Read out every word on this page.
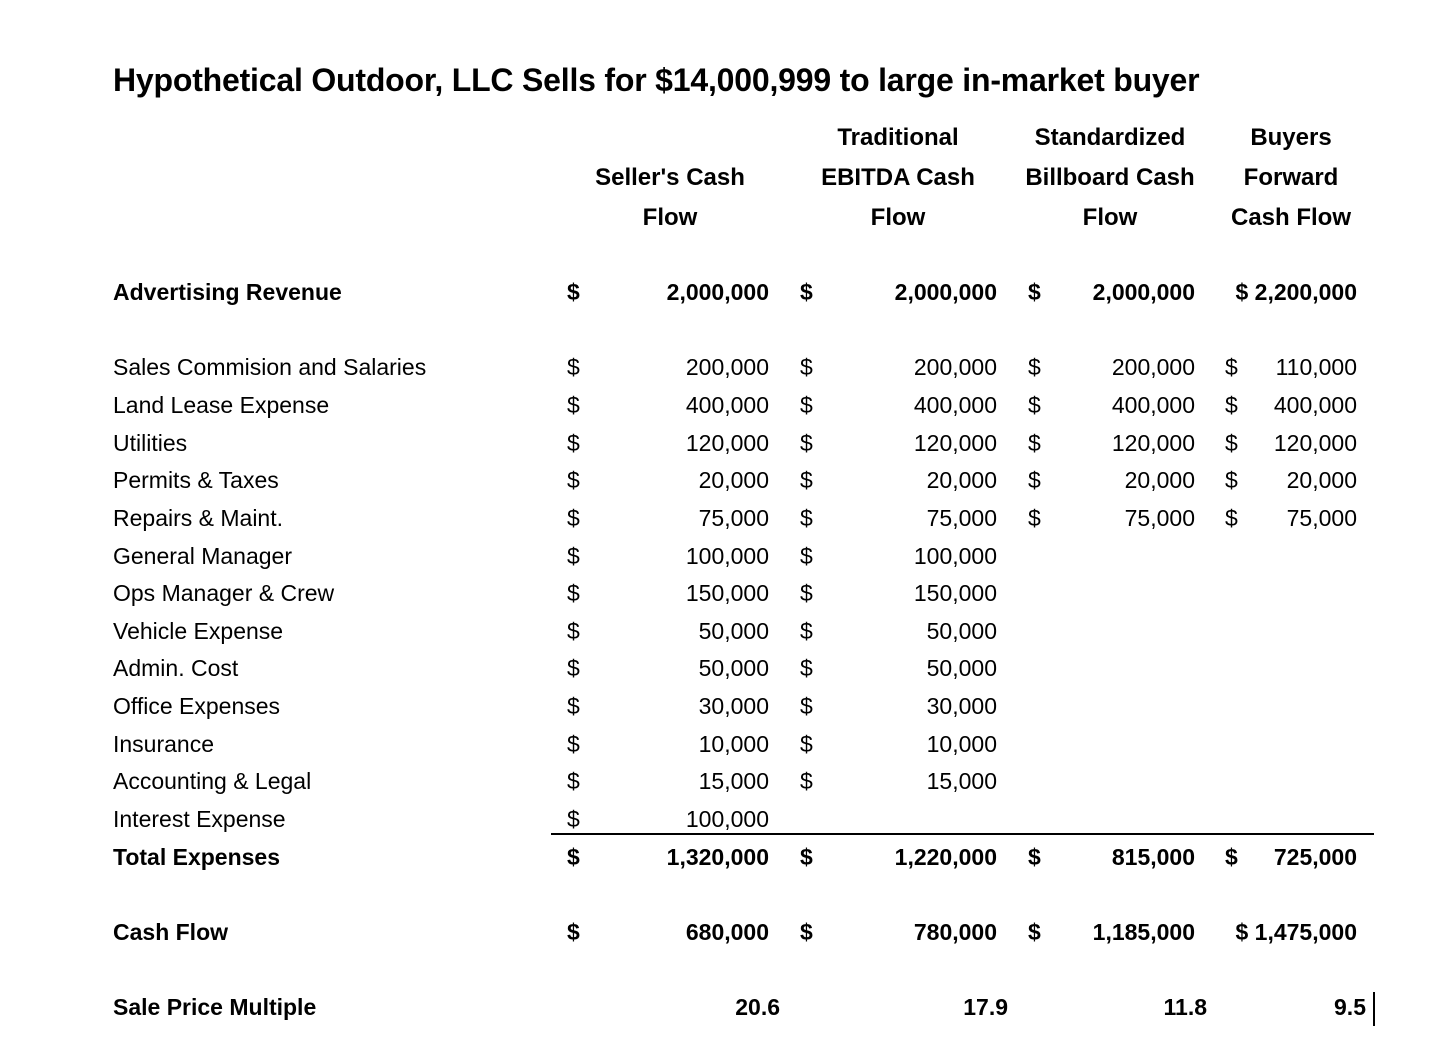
Hypothetical Outdoor, LLC Sells for $14,000,999 to large in-market buyer
Seller's Cash
Flow
Traditional
EBITDA Cash
Flow
Standardized
Billboard Cash
Flow
Buyers
Forward
Cash Flow
Advertising Revenue	$	2,000,000 $	2,000,000 $ 2,000,000 $ 2,200,000
Sales Commision and Salaries	$	200,000 $	200,000 $	200,000 $ 110,000
Land Lease Expense	$	400,000 $	400,000 $	400,000 $ 400,000
Utilities	$	120,000 $	120,000 $	120,000 $ 120,000
Permits & Taxes	$	20,000 $	20,000 $	20,000 $ 20,000
Repairs & Maint.	$	75,000 $	75,000 $	75,000 $ 75,000
General Manager	$	100,000 $	100,000
Ops Manager & Crew	$	150,000 $	150,000
Vehicle Expense	$	50,000 $	50,000
Admin. Cost	$	50,000 $	50,000
Office Expenses	$	30,000 $	30,000
Insurance	$	10,000 $	10,000
Accounting & Legal	$	15,000 $	15,000
Interest Expense	$	100,000
Total Expenses	$	1,320,000 $	1,220,000 $	815,000 $ 725,000
Cash Flow	$	680,000 $	780,000 $ 1,185,000 $ 1,475,000
Sale Price Multiple	20.6	17.9	11.8	9.5
